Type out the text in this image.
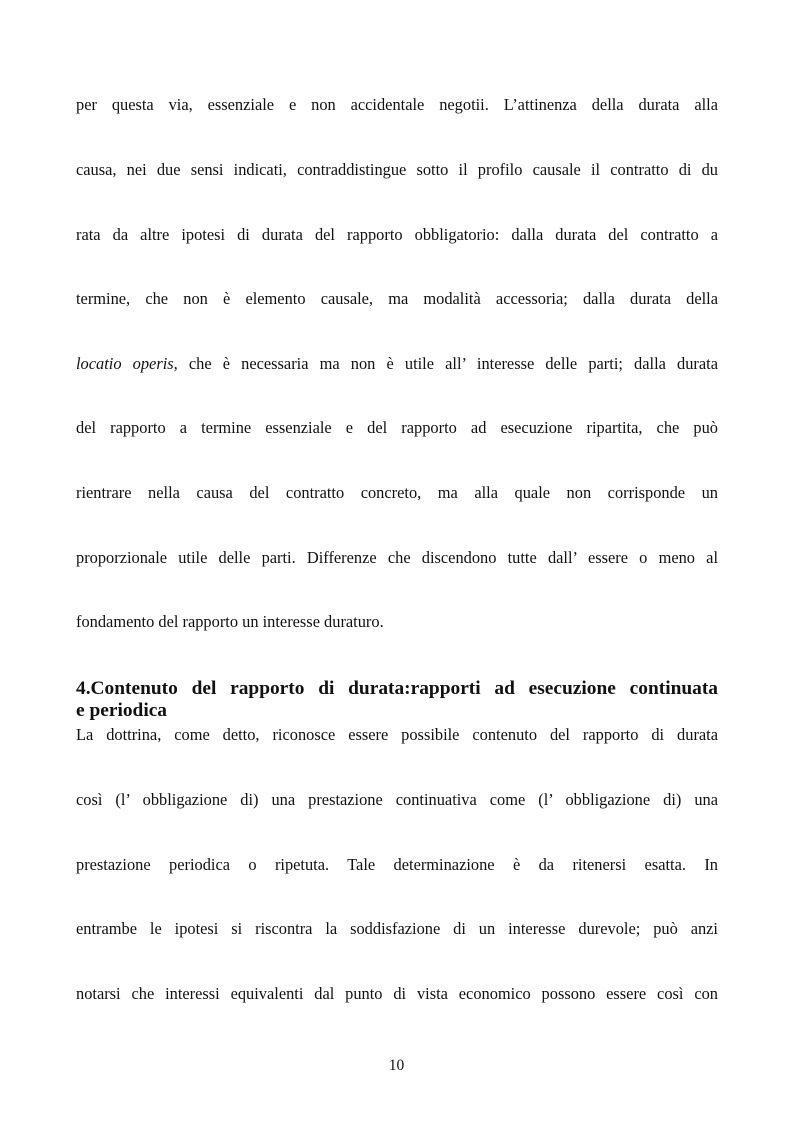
per questa via, essenziale e non accidentale negotii. L’attinenza della durata alla
causa, nei due sensi indicati, contraddistingue sotto il profilo causale il contratto di du
rata da altre ipotesi di durata del rapporto obbligatorio: dalla durata del contratto a
termine, che non è elemento causale, ma modalità accessoria; dalla durata della
locatio operis, che è necessaria ma non è utile all’ interesse delle parti; dalla durata
del rapporto a termine essenziale e del rapporto ad esecuzione ripartita, che può
rientrare nella causa del contratto concreto, ma alla quale non corrisponde un
proporzionale utile delle parti. Differenze che discendono tutte dall’ essere o meno al
fondamento del rapporto un interesse duraturo.
4.Contenuto del rapporto di durata:rapporti ad esecuzione continuata
e periodica
La dottrina, come detto, riconosce essere possibile contenuto del rapporto di durata
così (l’ obbligazione di) una prestazione continuativa come (l’ obbligazione di) una
prestazione periodica o ripetuta. Tale determinazione è da ritenersi esatta. In
entrambe le ipotesi si riscontra la soddisfazione di un interesse durevole; può anzi
notarsi che interessi equivalenti dal punto di vista economico possono essere così con
10
